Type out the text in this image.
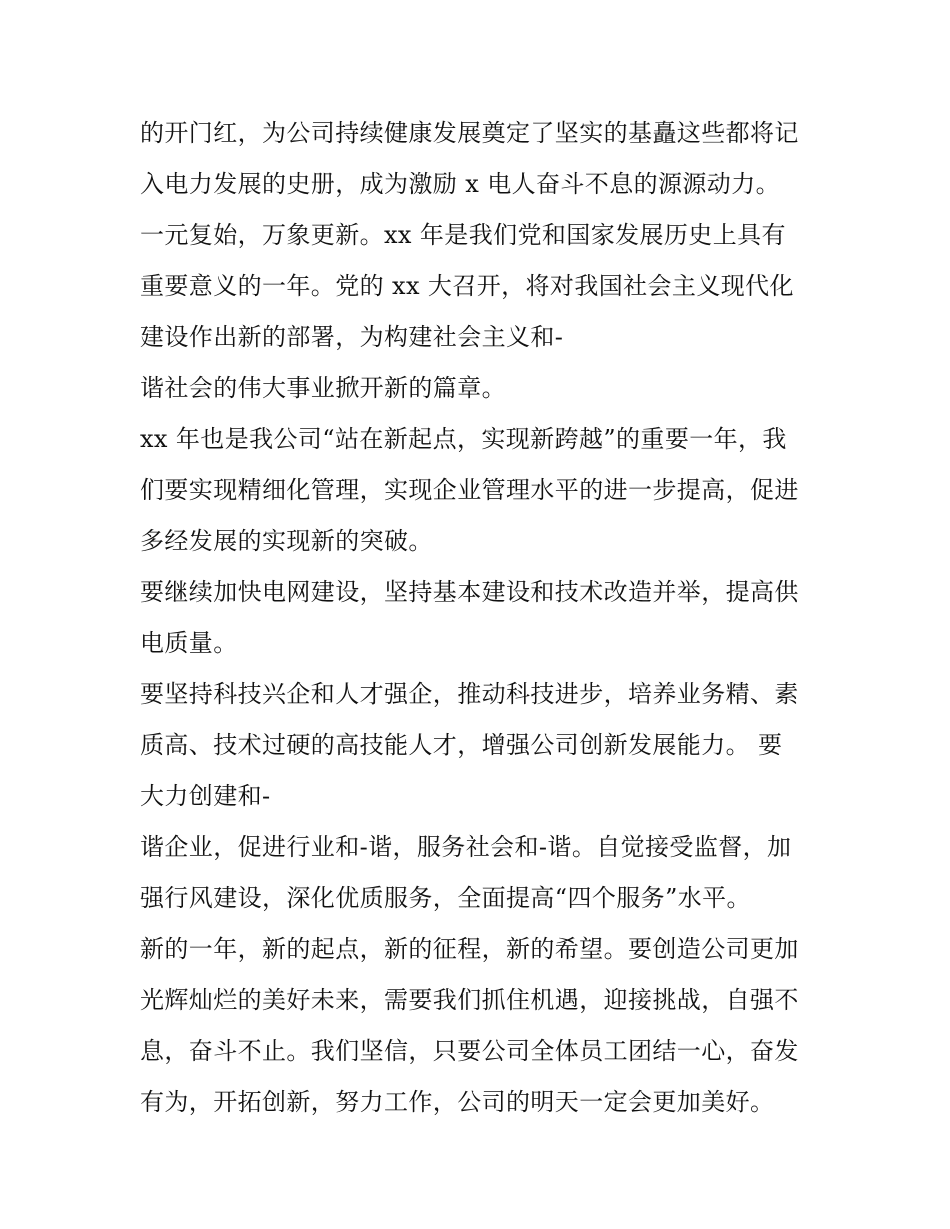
的开门红，为公司持续健康发展奠定了坚实的基矗这些都将记
入电力发展的史册，成为激励 x 电人奋斗不息的源源动力。
一元复始，万象更新。xx 年是我们党和国家发展历史上具有
重要意义的一年。党的 xx 大召开，将对我国社会主义现代化
建设作出新的部署，为构建社会主义和-
谐社会的伟大事业掀开新的篇章。
xx 年也是我公司“站在新起点，实现新跨越”的重要一年，我
们要实现精细化管理，实现企业管理水平的进一步提高，促进
多经发展的实现新的突破。
要继续加快电网建设，坚持基本建设和技术改造并举，提高供
电质量。
要坚持科技兴企和人才强企，推动科技进步，培养业务精、素
质高、技术过硬的高技能人才，增强公司创新发展能力。 要
大力创建和-
谐企业，促进行业和-谐，服务社会和-谐。自觉接受监督，加
强行风建设，深化优质服务，全面提高“四个服务”水平。
新的一年，新的起点，新的征程，新的希望。要创造公司更加
光辉灿烂的美好未来，需要我们抓住机遇，迎接挑战，自强不
息，奋斗不止。我们坚信，只要公司全体员工团结一心，奋发
有为，开拓创新，努力工作，公司的明天一定会更加美好。
